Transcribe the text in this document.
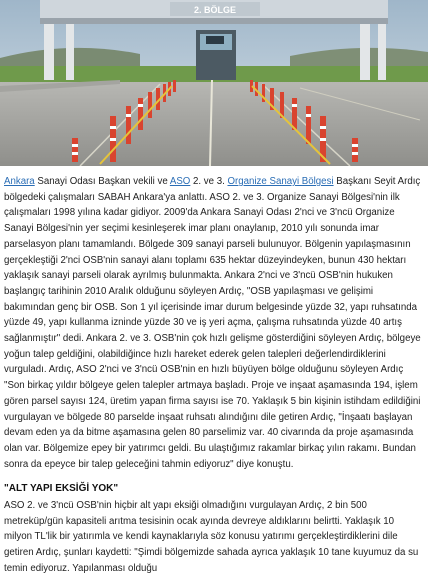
2. BÖLGE

Ankara Sanayi Odası Başkan vekili ve ASO 2. ve 3. Organize Sanayi Bölgesi Başkanı Seyit Ardıç bölgedeki çalışmaları SABAH Ankara'ya anlattı. ASO 2. ve 3. Organize Sanayi Bölgesi'nin ilk çalışmaları 1998 yılına kadar gidiyor. 2009'da Ankara Sanayi Odası 2'nci ve 3'ncü Organize Sanayi Bölgesi'nin yer seçimi kesinleşerek imar planı onaylanıp, 2010 yılı sonunda imar parselasyon planı tamamlandı. Bölgede 309 sanayi parseli bulunuyor. Bölgenin yapılaşmasının gerçekleştiği 2'nci OSB'nin sanayi alanı toplamı 635 hektar düzeyindeyken, bunun 430 hektarı yaklaşık sanayi parseli olarak ayrılmış bulunmakta. Ankara 2'nci ve 3'ncü OSB'nin hukuken başlangıç tarihinin 2010 Aralık olduğunu söyleyen Ardıç, "OSB yapılaşması ve gelişimi bakımından genç bir OSB. Son 1 yıl içerisinde imar durum belgesinde yüzde 32, yapı ruhsatında yüzde 49, yapı kullanma izninde yüzde 30 ve iş yeri açma, çalışma ruhsatında yüzde 40 artış sağlanmıştır" dedi. Ankara 2. ve 3. OSB'nin çok hızlı gelişme gösterdiğini söyleyen Ardıç, bölgeye yoğun talep geldiğini, olabildiğince hızlı hareket ederek gelen talepleri değerlendirdiklerini vurguladı. Ardıç, ASO 2'nci ve 3'ncü OSB'nin en hızlı büyüyen bölge olduğunu söyleyen Ardıç "Son birkaç yıldır bölgeye gelen talepler artmaya başladı. Proje ve inşaat aşamasında 194, işlem gören parsel sayısı 124, üretim yapan firma sayısı ise 70. Yaklaşık 5 bin kişinin istihdam edildiğini vurgulayan ve bölgede 80 parselde inşaat ruhsatı alındığını dile getiren Ardıç, "İnşaatı başlayan devam eden ya da bitme aşamasına gelen 80 parselimiz var. 40 civarında da proje aşamasında olan var. Bölgemize epey bir yatırımcı geldi. Bu ulaştığımız rakamlar birkaç yılın rakamı. Bundan sonra da epeyce bir talep geleceğini tahmin ediyoruz" diye konuştu.

"ALT YAPI EKSİĞİ YOK"

ASO 2. ve 3'ncü OSB'nin hiçbir alt yapı eksiği olmadığını vurgulayan Ardıç, 2 bin 500 metreküp/gün kapasiteli arıtma tesisinin ocak ayında devreye aldıklarını belirtti. Yaklaşık 10 milyon TL'lik bir yatırımla ve kendi kaynaklarıyla söz konusu yatırımı gerçekleştirdiklerini dile getiren Ardıç, şunları kaydetti: "Şimdi bölgemizde sahada ayrıca yaklaşık 10 tane kuyumuz da su temin ediyoruz. Yapılanması olduğu
